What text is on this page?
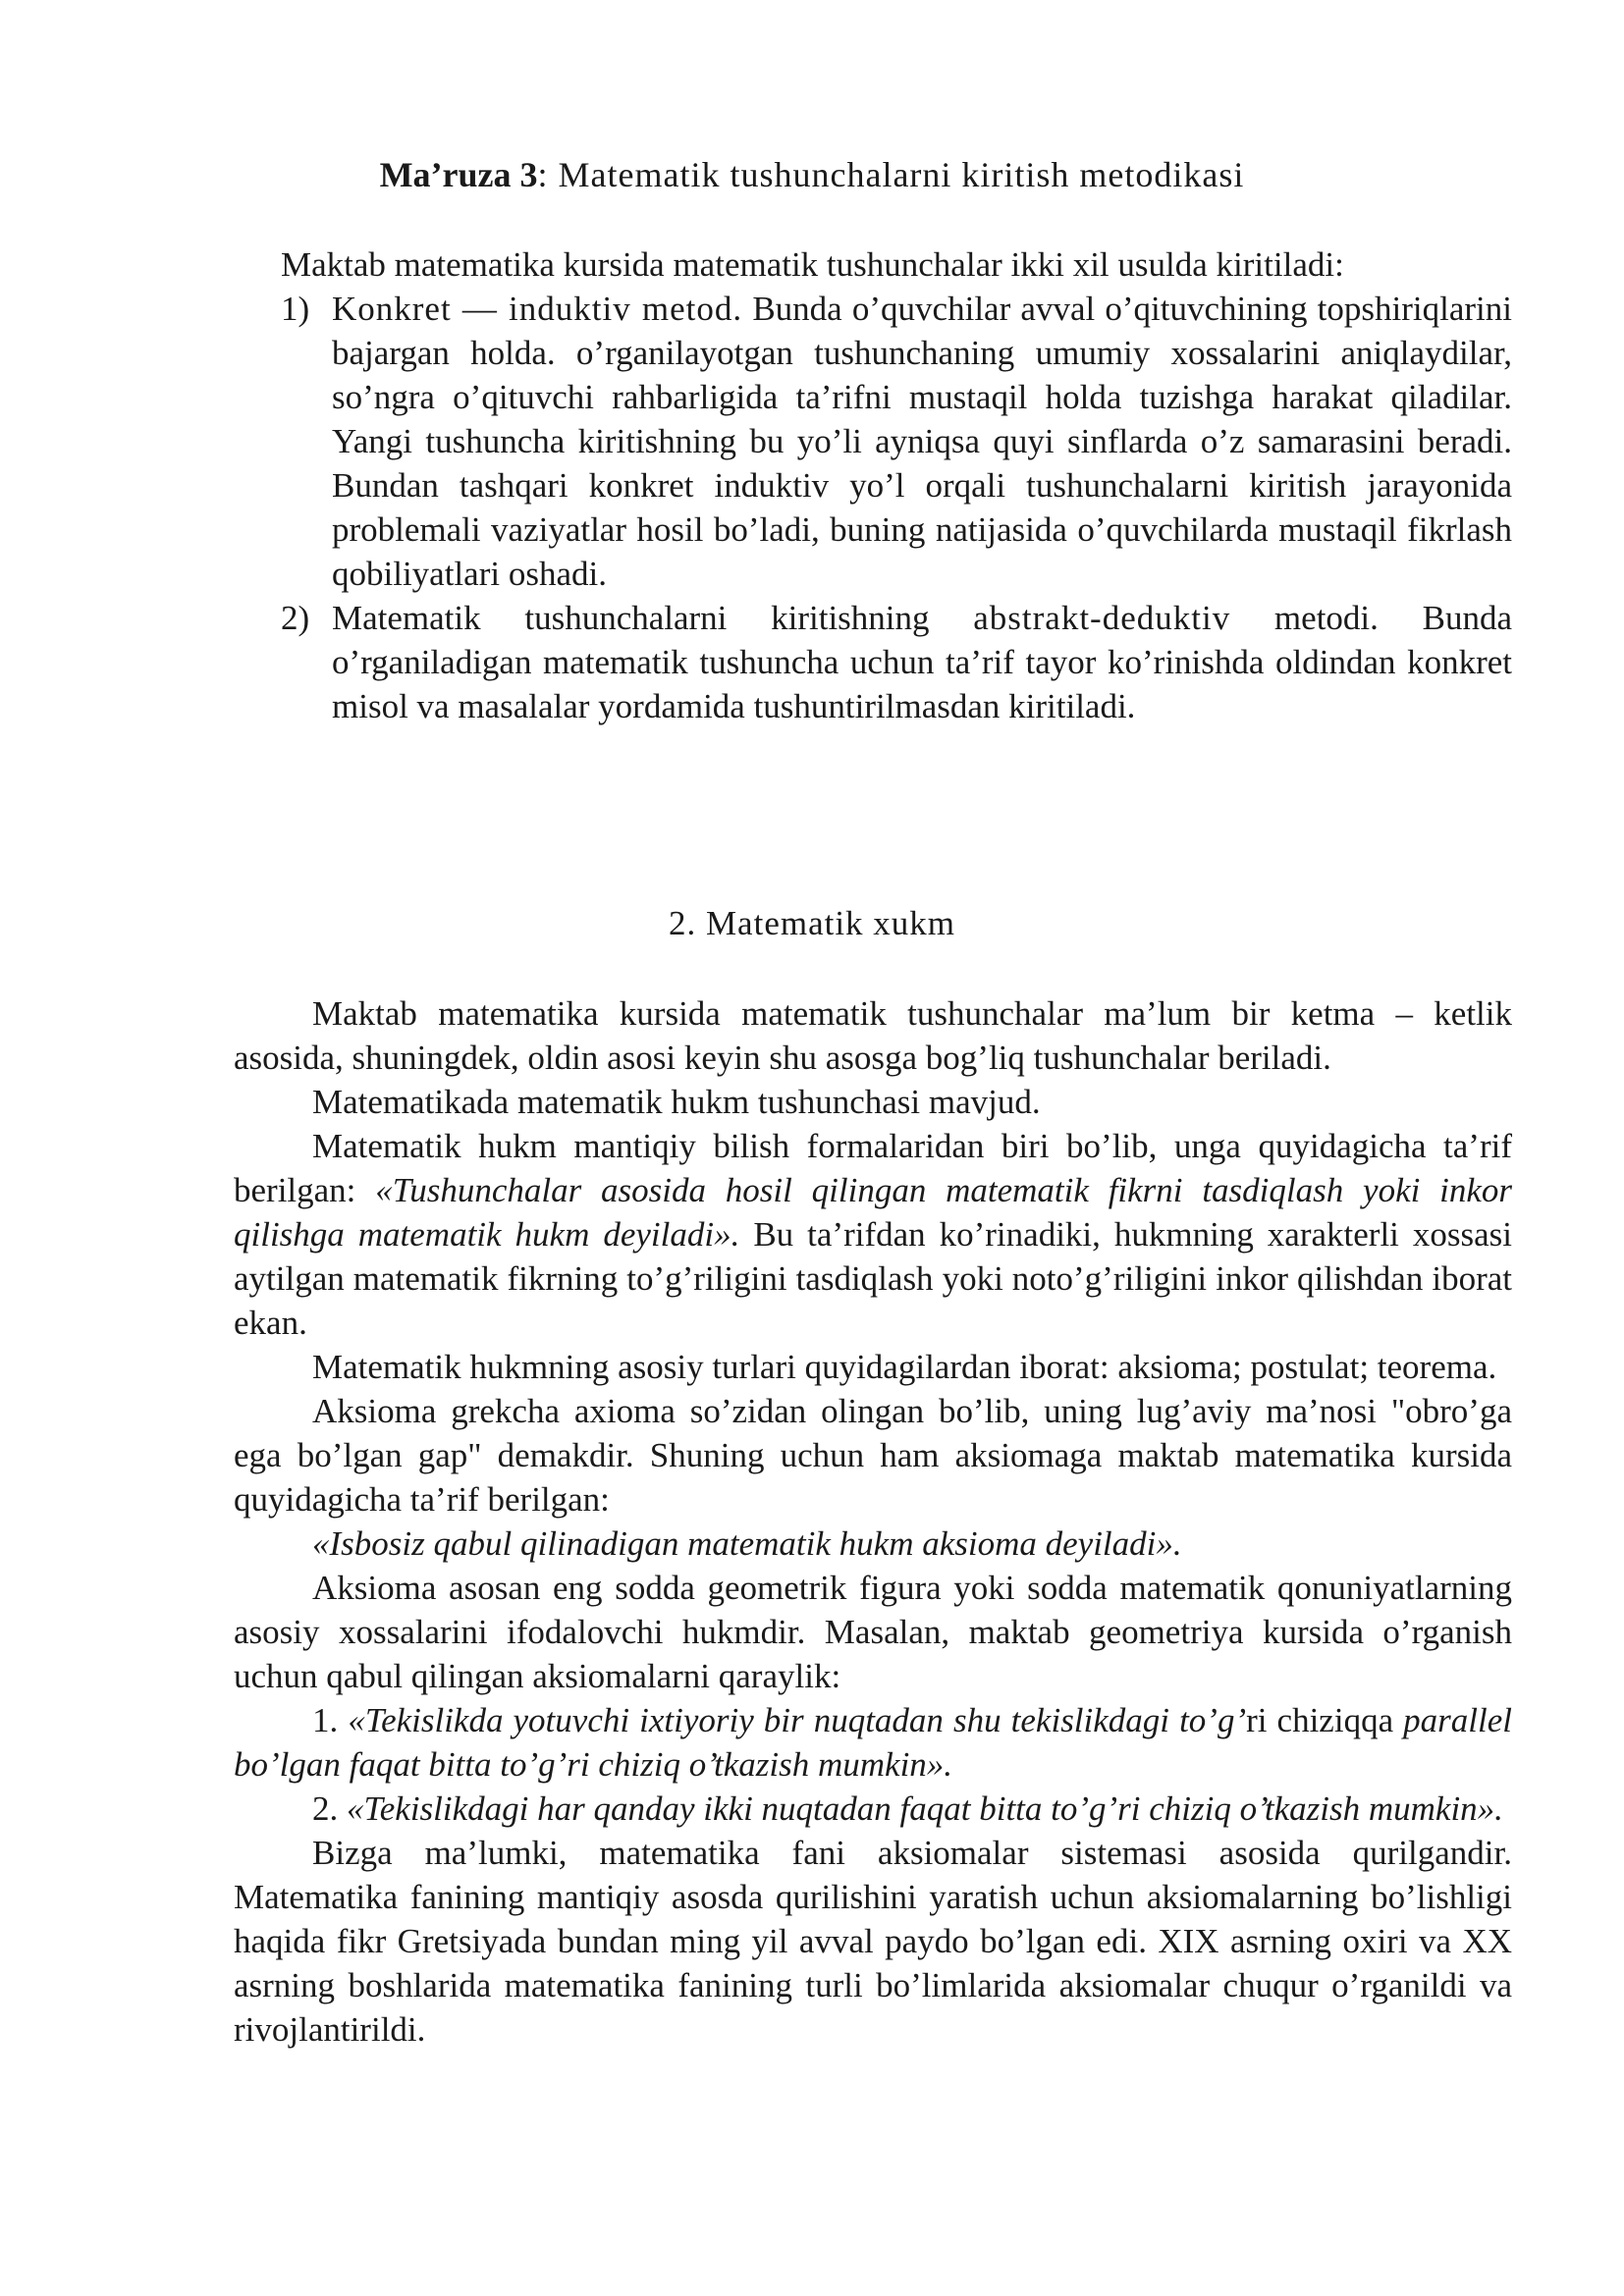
Ma’ruza 3: Matematik tushunchalarni kiritish metodikasi
Maktab matematika kursida matematik tushunchalar ikki xil usulda kiritiladi:
1) Konkret — induktiv metod. Bunda o’quvchilar avval o’qituvchining topshiriqlarini bajargan holda. o’rganilayotgan tushunchaning umumiy xossalarini aniqlaydilar, so’ngra o’qituvchi rahbarligida ta’rifni mustaqil holda tuzishga harakat qiladilar. Yangi tushuncha kiritishning bu yo’li ayniqsa quyi sinflarda o’z samarasini beradi. Bundan tashqari konkret induktiv yo’l orqali tushunchalarni kiritish jarayonida problemali vaziyatlar hosil bo’ladi, buning natijasida o’quvchilarda mustaqil fikrlash qobiliyatlari oshadi.
2) Matematik tushunchalarni kiritishning abstrakt-deduktiv metodi. Bunda o’rganiladigan matematik tushuncha uchun ta’rif tayor ko’rinishda oldindan konkret misol va masalalar yordamida tushuntirilmasdan kiritiladi.
2. Matematik xukm

Maktab matematika kursida matematik tushunchalar ma’lum bir ketma – ketlik asosida, shuningdek, oldin asosi keyin shu asosga bog’liq tushunchalar beriladi.

Matematikada matematik hukm tushunchasi mavjud.

Matematik hukm mantiqiy bilish formalaridan biri bo’lib, unga quyidagicha ta’rif berilgan: «Tushunchalar asosida hosil qilingan matematik fikrni tasdiqlash yoki inkor qilishga matematik hukm deyiladi». Bu ta’rifdan ko’rinadiki, hukmning xarakterli xossasi aytilgan matematik fikrning to’g’riligini tasdiqlash yoki noto’g’riligini inkor qilishdan iborat ekan.

Matematik hukmning asosiy turlari quyidagilardan iborat: aksioma; postulat; teorema.

Aksioma grekcha axioma so’zidan olingan bo’lib, uning lug’aviy ma’nosi "obro’ga ega bo’lgan gap" demakdir. Shuning uchun ham aksiomaga maktab matematika kursida quyidagicha ta’rif berilgan:

«Isbosiz qabul qilinadigan matematik hukm aksioma deyiladi».

Aksioma asosan eng sodda geometrik figura yoki sodda matematik qonuniyatlarning asosiy xossalarini ifodalovchi hukmdir. Masalan, maktab geometriya kursida o’rganish uchun qabul qilingan aksiomalarni qaraylik:

1. «Tekislikda yotuvchi ixtiyoriy bir nuqtadan shu tekislikdagi to’g’ri chiziqqa parallel bo’lgan faqat bitta to’g’ri chiziq o’tkazish mumkin».

2. «Tekislikdagi har qanday ikki nuqtadan faqat bitta to’g’ri chiziq o’tkazish mumkin».

Bizga ma’lumki, matematika fani aksiomalar sistemasi asosida qurilgandir. Matematika fanining mantiqiy asosda qurilishini yaratish uchun aksiomalarning bo’lishligi haqida fikr Gretsiyada bundan ming yil avval paydo bo’lgan edi. XIX asrning oxiri va XX asrning boshlarida matematika fanining turli bo’limlarida aksiomalar chuqur o’rganildi va rivojlantirildi.
